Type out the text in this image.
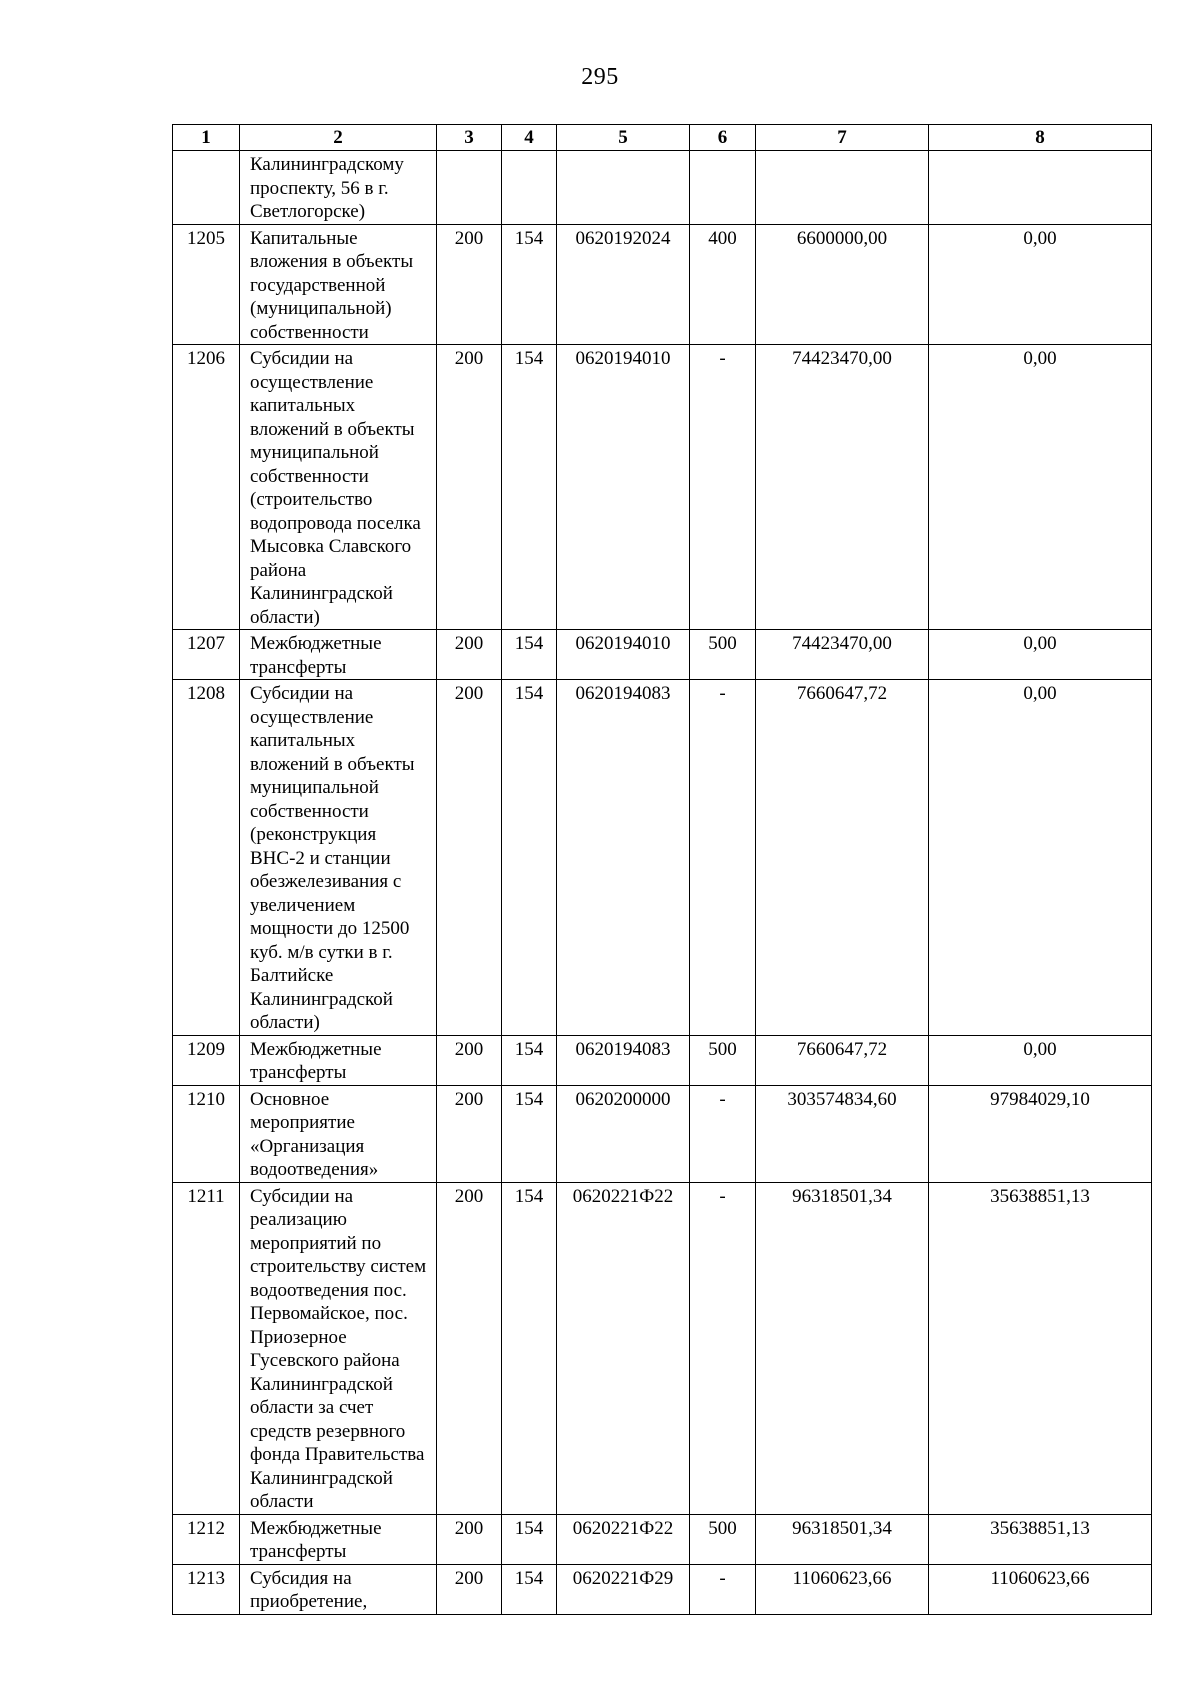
295
1	2	3	4	5	6	7	8
	Калининградскому проспекту, 56 в г. Светлогорске)						
1205	Капитальные вложения в объекты государственной (муниципальной) собственности	200	154	0620192024	400	6600000,00	0,00
1206	Субсидии на осуществление капитальных вложений в объекты муниципальной собственности (строительство водопровода поселка Мысовка Славского района Калининградской области)	200	154	0620194010	-	74423470,00	0,00
1207	Межбюджетные трансферты	200	154	0620194010	500	74423470,00	0,00
1208	Субсидии на осуществление капитальных вложений в объекты муниципальной собственности (реконструкция ВНС-2 и станции обезжелезивания с увеличением мощности до 12500 куб. м/в сутки в г. Балтийске Калининградской области)	200	154	0620194083	-	7660647,72	0,00
1209	Межбюджетные трансферты	200	154	0620194083	500	7660647,72	0,00
1210	Основное мероприятие «Организация водоотведения»	200	154	0620200000	-	303574834,60	97984029,10
1211	Субсидии на реализацию мероприятий по строительству систем водоотведения пос. Первомайское, пос. Приозерное Гусевского района Калининградской области за счет средств резервного фонда Правительства Калининградской области	200	154	0620221Ф22	-	96318501,34	35638851,13
1212	Межбюджетные трансферты	200	154	0620221Ф22	500	96318501,34	35638851,13
1213	Субсидия на приобретение,	200	154	0620221Ф29	-	11060623,66	11060623,66
